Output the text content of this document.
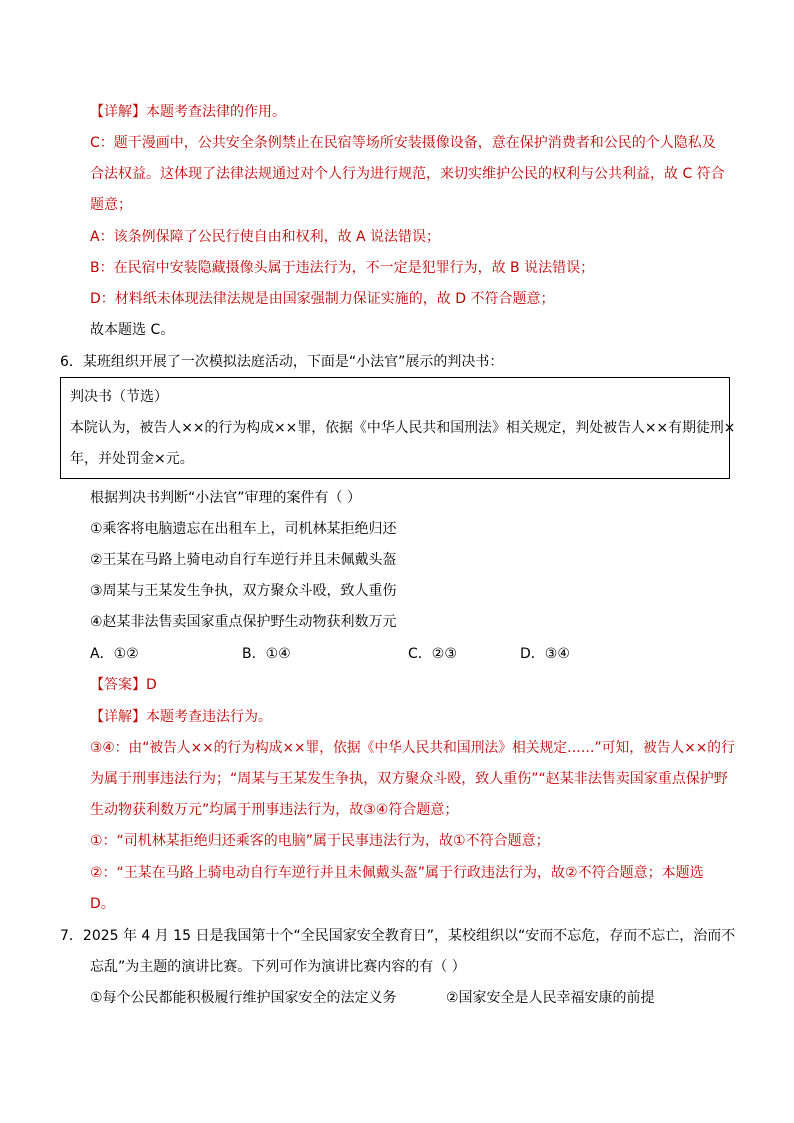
【详解】本题考查法律的作用。
C：题干漫画中，公共安全条例禁止在民宿等场所安装摄像设备，意在保护消费者和公民的个人隐私及
合法权益。这体现了法律法规通过对个人行为进行规范，来切实维护公民的权利与公共利益，故 C 符合
题意；
A：该条例保障了公民行使自由和权利，故 A 说法错误；
B：在民宿中安装隐藏摄像头属于违法行为，不一定是犯罪行为，故 B 说法错误；
D：材料纸未体现法律法规是由国家强制力保证实施的，故 D 不符合题意；
故本题选 C。
6．某班组织开展了一次模拟法庭活动，下面是“小法官”展示的判决书：
判决书（节选）
本院认为，被告人××的行为构成××罪，依据《中华人民共和国刑法》相关规定，判处被告人××有期徒刑×
年，并处罚金×元。
根据判决书判断“小法官”审理的案件有（ ）
①乘客将电脑遗忘在出租车上，司机林某拒绝归还
②王某在马路上骑电动自行车逆行并且未佩戴头盔
③周某与王某发生争执，双方聚众斗殴，致人重伤
④赵某非法售卖国家重点保护野生动物获利数万元
A．①②	B．①④	C．②③	D．③④
【答案】D
【详解】本题考查违法行为。
③④：由“被告人××的行为构成××罪，依据《中华人民共和国刑法》相关规定……”可知，被告人××的行
为属于刑事违法行为；“周某与王某发生争执，双方聚众斗殴，致人重伤”“赵某非法售卖国家重点保护野
生动物获利数万元”均属于刑事违法行为，故③④符合题意；
①：“司机林某拒绝归还乘客的电脑”属于民事违法行为，故①不符合题意；
②：“王某在马路上骑电动自行车逆行并且未佩戴头盔”属于行政违法行为，故②不符合题意；本题选
D。
7．2025 年 4 月 15 日是我国第十个“全民国家安全教育日”，某校组织以“安而不忘危，存而不忘亡，治而不
忘乱”为主题的演讲比赛。下列可作为演讲比赛内容的有（ ）
①每个公民都能积极履行维护国家安全的法定义务	②国家安全是人民幸福安康的前提
